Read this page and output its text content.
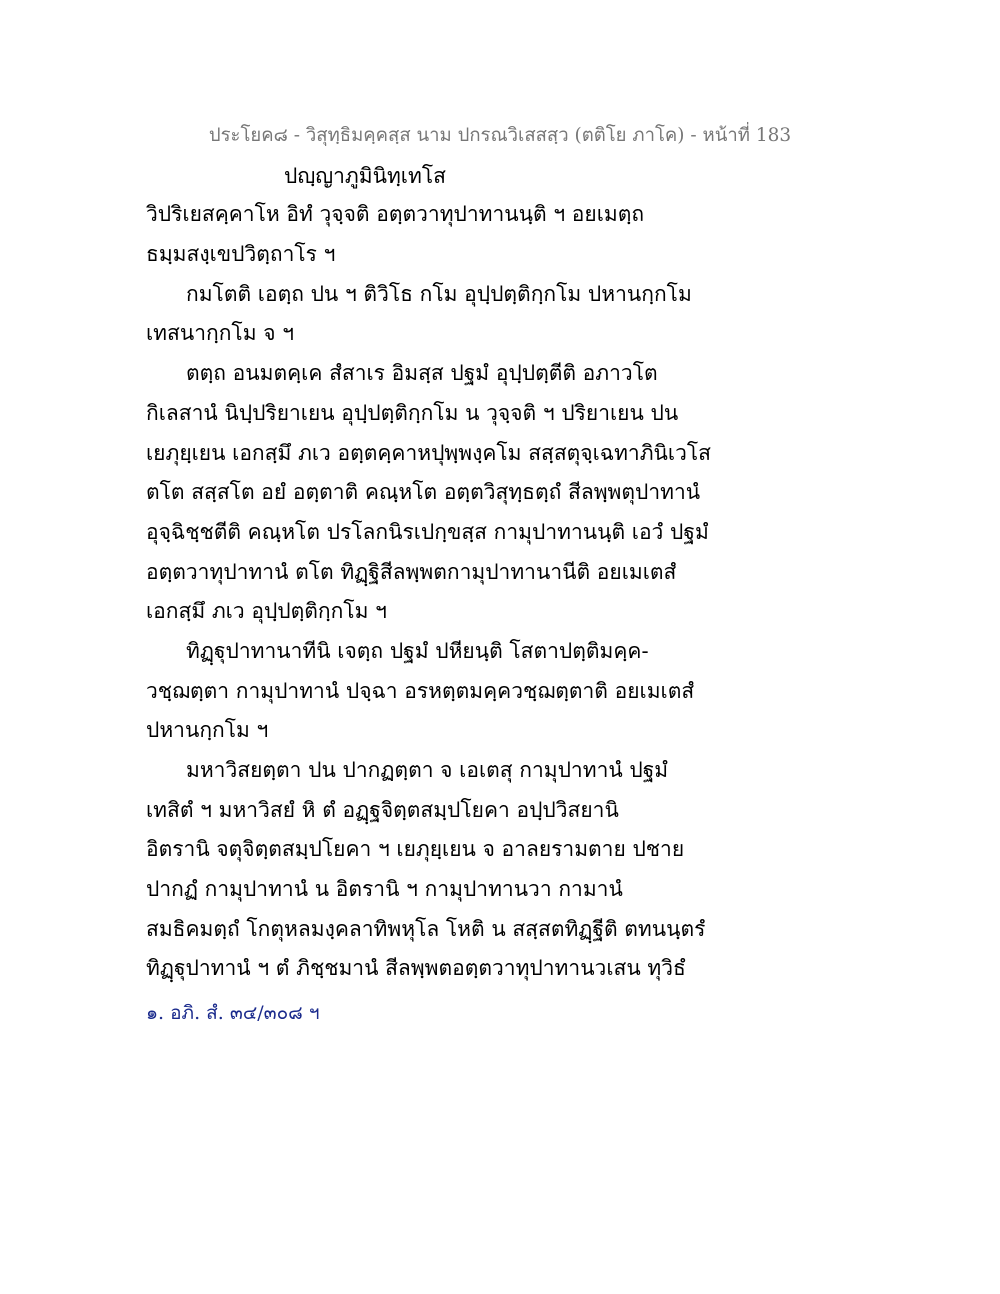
ประโยค๘ - วิสุทฺธิมคฺคสฺส นาม ปกรณวิเสสสฺว (ตติโย ภาโค) - หน้าที่ 183
ปญฺญาภูมินิทฺเทโส
วิปริเยสคฺคาโห อิทํ วุจฺจติ อตฺตวาทุปาทานนฺติ ฯ อยเมตฺถ
ธมฺมสงฺเขปวิตฺถาโร ฯ
กมโตติ เอตฺถ ปน ฯ ติวิโธ กโม อุปฺปตฺติกฺกโม ปหานกฺกโม
เทสนากฺกโม จ ฯ
ตตฺถ อนมตคฺเค สํสาเร อิมสฺส ปฐมํ อุปฺปตฺตีติ อภาวโต
กิเลสานํ นิปฺปริยาเยน อุปฺปตฺติกฺกโม น วุจฺจติ ฯ ปริยาเยน ปน
เยภุยฺเยน เอกสฺมึ ภเว อตฺตคฺคาหปุพฺพงฺคโม สสฺสตุจฺเฉทาภินิเวโส
ตโต สสฺสโต อยํ อตฺตาติ คณฺหโต อตฺตวิสุทฺธตฺถํ สีลพฺพตุปาทานํ
อุจฺฉิชฺชตีติ คณฺหโต ปรโลกนิรเปกฺขสฺส กามุปาทานนฺติ เอวํ ปฐมํ
อตฺตวาทุปาทานํ ตโต ทิฏฺฐิสีลพฺพตกามุปาทานานีติ อยเมเตสํ
เอกสฺมึ ภเว อุปฺปตฺติกฺกโม ฯ
ทิฏฺฐุปาทานาทีนิ เจตฺถ ปฐมํ ปหียนฺติ โสตาปตฺติมคฺค-
วชฺฌตฺตา กามุปาทานํ ปจฺฉา อรหตฺตมคฺควชฺฌตฺตาติ อยเมเตสํ
ปหานกฺกโม ฯ
มหาวิสยตฺตา ปน ปากฏตฺตา จ เอเตสุ กามุปาทานํ ปฐมํ
เทสิตํ ฯ มหาวิสยํ หิ ตํ อฏฺฐจิตฺตสมฺปโยคา อปฺปวิสยานิ
อิตรานิ จตุจิตฺตสมฺปโยคา ฯ เยภุยฺเยน จ อาลยรามตาย ปชาย
ปากฏํ กามุปาทานํ น อิตรานิ ฯ กามุปาทานวา กามานํ
สมธิคมตฺถํ โกตุหลมงฺคลาทิพหุโล โหติ น สสฺสตทิฏฺฐีติ ตทนนฺตรํ
ทิฏฺฐุปาทานํ ฯ ตํ ภิชฺชมานํ สีลพฺพตอตฺตวาทุปาทานวเสน ทุวิธํ
๑. อภิ. สํ. ๓๔/๓๐๘ ฯ
